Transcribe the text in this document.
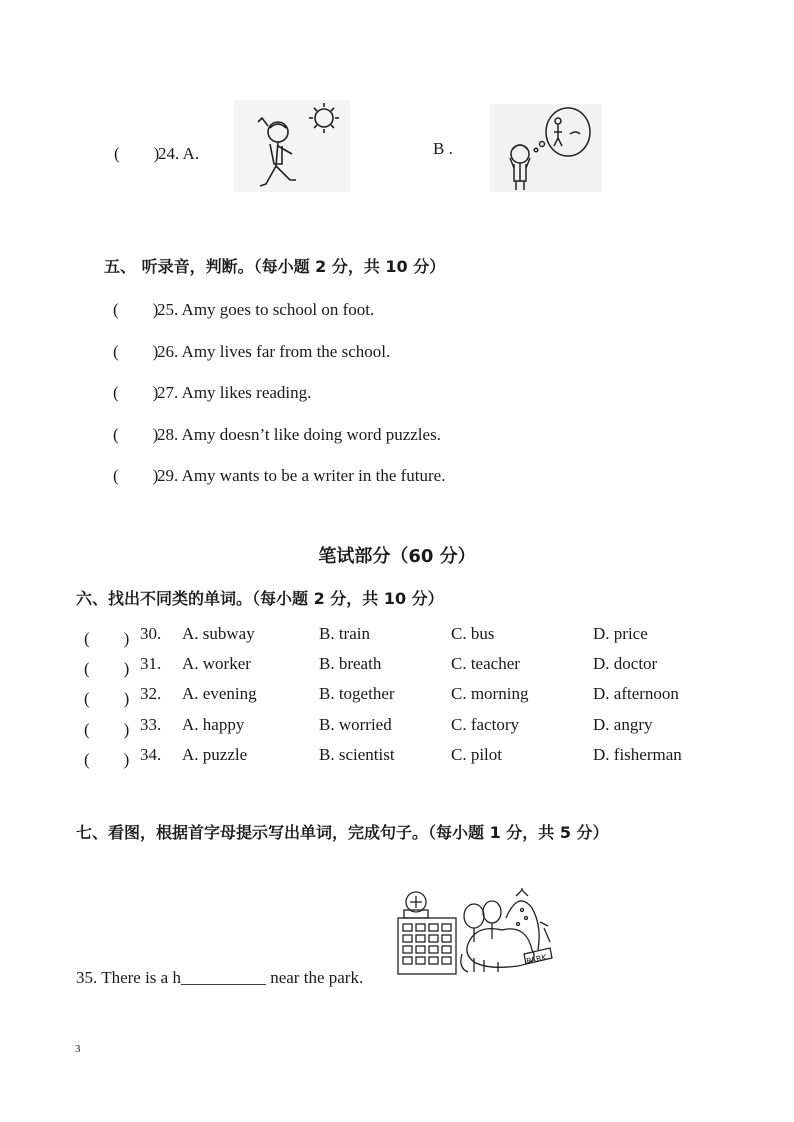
(　　)24. A.	B .
五、 听录音，判断。（每小题 2 分，共 10 分）
(　　)25. Amy goes to school on foot.
(　　)26. Amy lives far from the school.
(　　)27. Amy likes reading.
(　　)28. Amy doesn’t like doing word puzzles.
(　　)29. Amy wants to be a writer in the future.
笔试部分（60 分）
六、找出不同类的单词。（每小题 2 分，共 10 分）
(　　) 30. A. subway	B. train	C. bus	D. price
(　　) 31. A. worker	B. breath	C. teacher	D. doctor
(　　) 32. A. evening	B. together	C. morning	D. afternoon
(　　) 33. A. happy	B. worried	C. factory	D. angry
(　　) 34. A. puzzle	B. scientist	C. pilot	D. fisherman
七、看图，根据首字母提示写出单词，完成句子。（每小题 1 分，共 5 分）
PARK
35. There is a h__________ near the park.
3
